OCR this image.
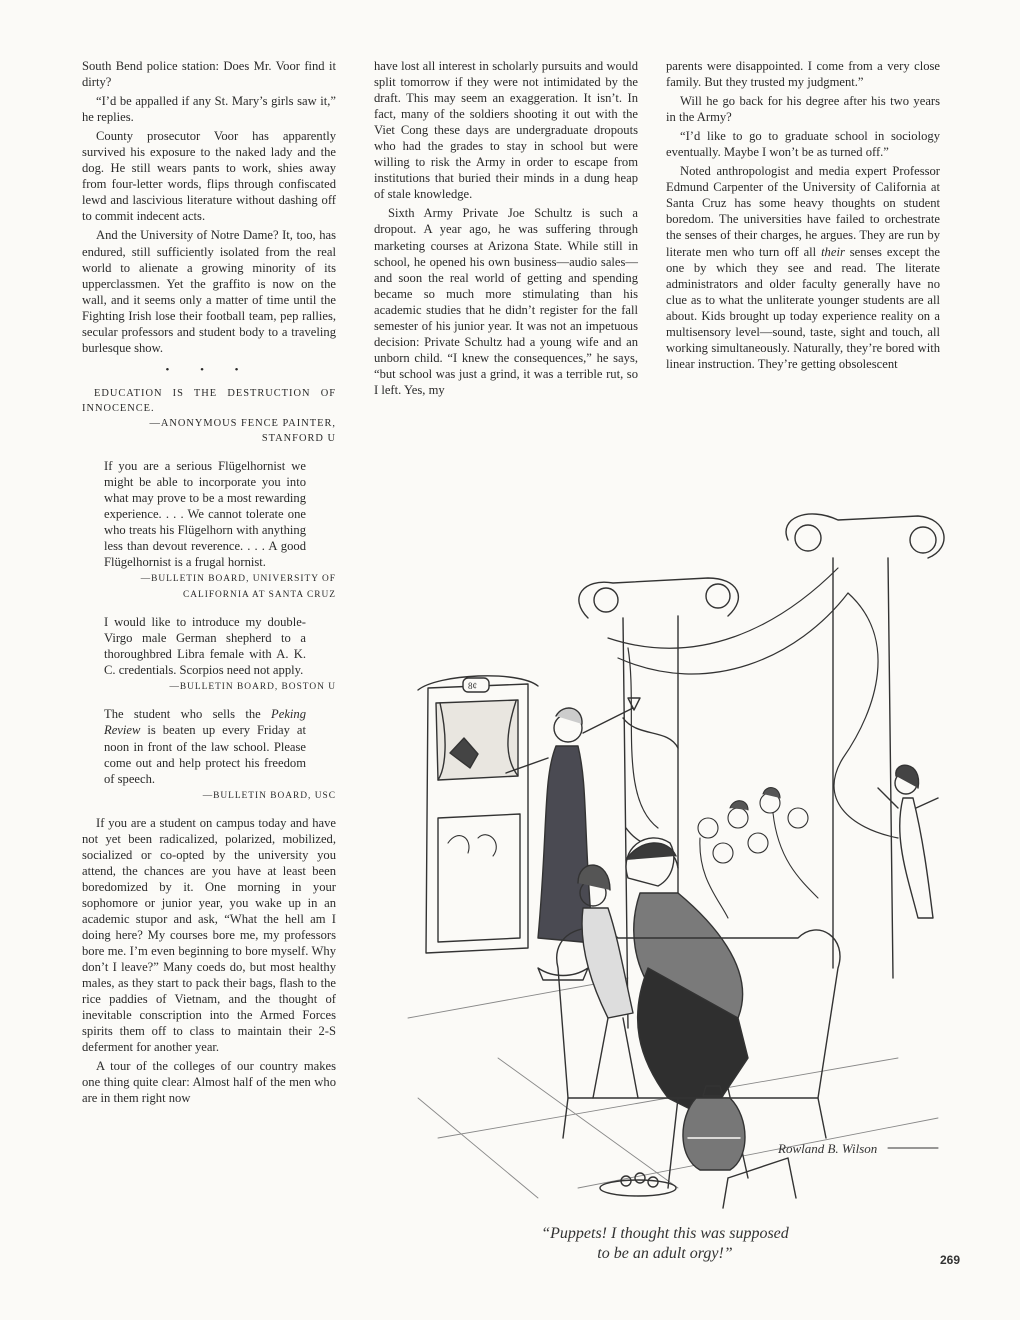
South Bend police station: Does Mr. Voor find it dirty?

“I’d be appalled if any St. Mary’s girls saw it,” he replies.

County prosecutor Voor has apparently survived his exposure to the naked lady and the dog. He still wears pants to work, shies away from four-letter words, flips through confiscated lewd and lascivious literature without dashing off to commit indecent acts.

And the University of Notre Dame? It, too, has endured, still sufficiently isolated from the real world to alienate a growing minority of its upperclassmen. Yet the graffito is now on the wall, and it seems only a matter of time until the Fighting Irish lose their football team, pep rallies, secular professors and student body to a traveling burlesque show.

• • •
EDUCATION IS THE DESTRUCTION OF INNOCENCE.
—ANONYMOUS FENCE PAINTER,
STANFORD U

If you are a serious Flügelhornist we might be able to incorporate you into what may prove to be a most rewarding experience. . . . We cannot tolerate one who treats his Flügelhorn with anything less than devout reverence. . . . A good Flügelhornist is a frugal hornist.

—BULLETIN BOARD, UNIVERSITY OF
CALIFORNIA AT SANTA CRUZ

I would like to introduce my double-Virgo male German shepherd to a thoroughbred Libra female with A. K. C. credentials. Scorpios need not apply.

—BULLETIN BOARD, BOSTON U

The student who sells the Peking Review is beaten up every Friday at noon in front of the law school. Please come out and help protect his freedom of speech.

—BULLETIN BOARD, USC

If you are a student on campus today and have not yet been radicalized, polarized, mobilized, socialized or co-opted by the university you attend, the chances are you have at least been boredomized by it. One morning in your sophomore or junior year, you wake up in an academic stupor and ask, “What the hell am I doing here? My courses bore me, my professors bore me. I’m even beginning to bore myself. Why don’t I leave?” Many coeds do, but most healthy males, as they start to pack their bags, flash to the rice paddies of Vietnam, and the thought of inevitable conscription into the Armed Forces spirits them off to class to maintain their 2-S deferment for another year.

A tour of the colleges of our country makes one thing quite clear: Almost half of the men who are in them right now

have lost all interest in scholarly pursuits and would split tomorrow if they were not intimidated by the draft. This may seem an exaggeration. It isn’t. In fact, many of the soldiers shooting it out with the Viet Cong these days are undergraduate dropouts who had the grades to stay in school but were willing to risk the Army in order to escape from institutions that buried their minds in a dung heap of stale knowledge.

Sixth Army Private Joe Schultz is such a dropout. A year ago, he was suffering through marketing courses at Arizona State. While still in school, he opened his own business—audio sales—and soon the real world of getting and spending became so much more stimulating than his academic studies that he didn’t register for the fall semester of his junior year. It was not an impetuous decision: Private Schultz had a young wife and an unborn child. “I knew the consequences,” he says, “but school was just a grind, it was a terrible rut, so I left. Yes, my

parents were disappointed. I come from a very close family. But they trusted my judgment.”

Will he go back for his degree after his two years in the Army?

“I’d like to go to graduate school in sociology eventually. Maybe I won’t be as turned off.”

Noted anthropologist and media expert Professor Edmund Carpenter of the University of California at Santa Cruz has some heavy thoughts on student boredom. The universities have failed to orchestrate the senses of their charges, he argues. They are run by literate men who turn off all their senses except the one by which they see and read. The literate administrators and older faculty generally have no clue as to what the unliterate younger students are all about. Kids brought up today experience reality on a multisensory level—sound, taste, sight and touch, all working simultaneously. Naturally, they’re bored with linear instruction. They’re getting obsolescent

8¢
Rowland B. Wilson
“Puppets! I thought this was supposed
to be an adult orgy!”	269
